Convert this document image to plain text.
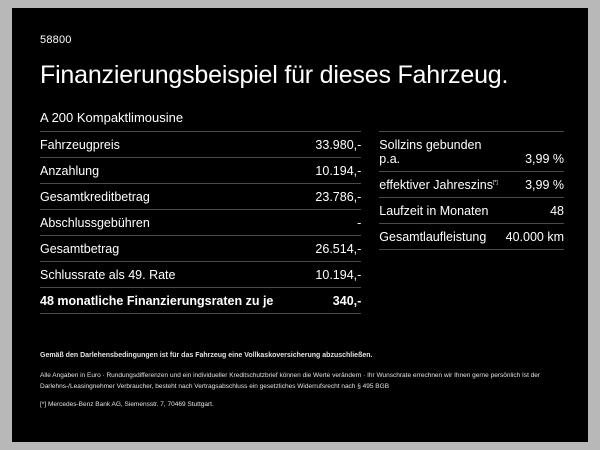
58800
Finanzierungsbeispiel für dieses Fahrzeug.
A 200 Kompaktlimousine
Fahrzeugpreis	33.980,-
Anzahlung	10.194,-
Gesamtkreditbetrag	23.786,-
Abschlussgebühren	-
Gesamtbetrag	26.514,-
Schlussrate als 49. Rate	10.194,-
48 monatliche Finanzierungsraten zu je	340,-
Sollzins gebunden p.a.	3,99 %
effektiver Jahreszins[*]	3,99 %
Laufzeit in Monaten	48
Gesamtlaufleistung	40.000 km

Gemäß den Darlehensbedingungen ist für das Fahrzeug eine Vollkaskoversicherung abzuschließen.

Alle Angaben in Euro · Rundungsdifferenzen und ein individueller Kreditschutzbrief können die Werte verändern · Ihr Wunschrate errechnen wir Ihnen gerne persönlich Ist der Darlehns-/Leasingnehmer Verbraucher, besteht nach Vertragsabschluss ein gesetzliches Widerrufsrecht nach § 495 BGB

[*] Mercedes-Benz Bank AG, Siemensstr. 7, 70469 Stuttgart.
